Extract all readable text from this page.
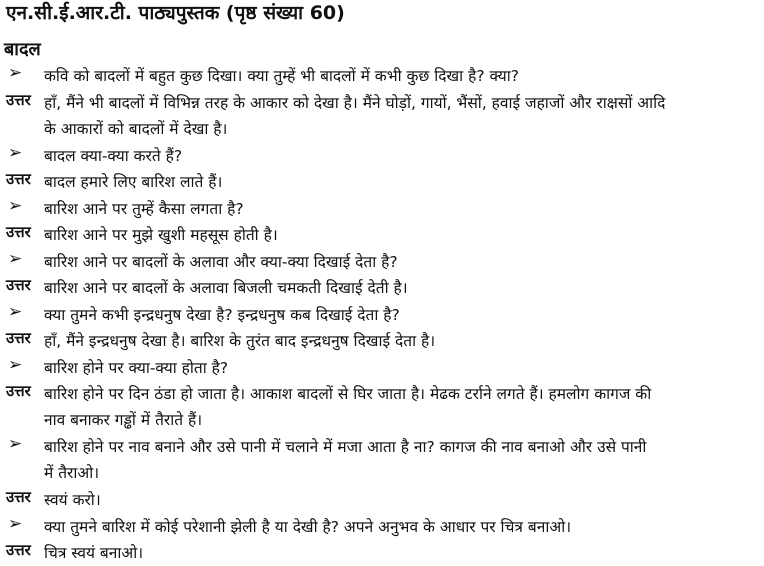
एन.सी.ई.आर.टी. पाठ्यपुस्तक (पृष्ठ संख्या 60)
बादल
➢	कवि को बादलों में बहुत कुछ दिखा। क्या तुम्हें भी बादलों में कभी कुछ दिखा है? क्या?
उत्तर हाँ, मैंने भी बादलों में विभिन्न तरह के आकार को देखा है। मैंने घोड़ों, गायों, भैंसों, हवाई जहाजों और राक्षसों आदि
के आकारों को बादलों में देखा है।
➢	बादल क्या-क्या करते हैं?
उत्तर बादल हमारे लिए बारिश लाते हैं।
➢	बारिश आने पर तुम्हें कैसा लगता है?
उत्तर बारिश आने पर मुझे खुशी महसूस होती है।
➢	बारिश आने पर बादलों के अलावा और क्या-क्या दिखाई देता है?
उत्तर बारिश आने पर बादलों के अलावा बिजली चमकती दिखाई देती है।
➢	क्या तुमने कभी इन्द्रधनुष देखा है? इन्द्रधनुष कब दिखाई देता है?
उत्तर हाँ, मैंने इन्द्रधनुष देखा है। बारिश के तुरंत बाद इन्द्रधनुष दिखाई देता है।
➢	बारिश होने पर क्या-क्या होता है?
उत्तर बारिश होने पर दिन ठंडा हो जाता है। आकाश बादलों से घिर जाता है। मेढक टर्राने लगते हैं। हमलोग कागज की
नाव बनाकर गड्ढों में तैराते हैं।
➢	बारिश होने पर नाव बनाने और उसे पानी में चलाने में मजा आता है ना? कागज की नाव बनाओ और उसे पानी
में तैराओ।
उत्तर स्वयं करो।
➢	क्या तुमने बारिश में कोई परेशानी झेली है या देखी है? अपने अनुभव के आधार पर चित्र बनाओ।
उत्तर चित्र स्वयं बनाओ।
